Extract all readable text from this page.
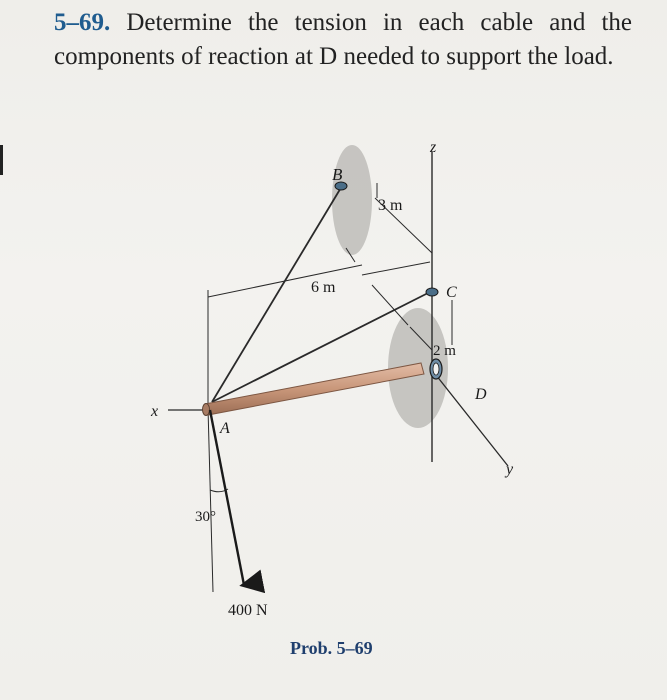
5–69. Determine the tension in each cable and the components of reaction at D needed to support the load.
B
C
D
A
z
y
x
3 m
6 m
2 m
30°
400 N
Prob. 5–69
